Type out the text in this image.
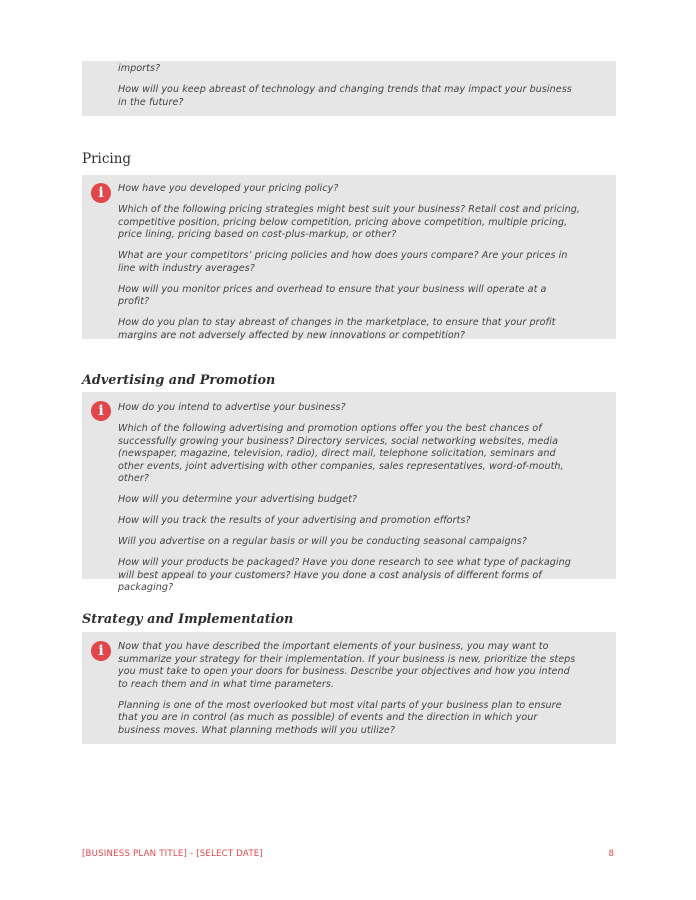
imports?

How will you keep abreast of technology and changing trends that may impact your business in the future?

Pricing
i	How have you developed your pricing policy?

Which of the following pricing strategies might best suit your business? Retail cost and pricing, competitive position, pricing below competition, pricing above competition, multiple pricing, price lining, pricing based on cost-plus-markup, or other?

What are your competitors’ pricing policies and how does yours compare? Are your prices in line with industry averages?

How will you monitor prices and overhead to ensure that your business will operate at a profit?

How do you plan to stay abreast of changes in the marketplace, to ensure that your profit margins are not adversely affected by new innovations or competition?

Advertising and Promotion
i	How do you intend to advertise your business?

Which of the following advertising and promotion options offer you the best chances of successfully growing your business? Directory services, social networking websites, media (newspaper, magazine, television, radio), direct mail, telephone solicitation, seminars and other events, joint advertising with other companies, sales representatives, word-of-mouth, other?

How will you determine your advertising budget?

How will you track the results of your advertising and promotion efforts?

Will you advertise on a regular basis or will you be conducting seasonal campaigns?

How will your products be packaged? Have you done research to see what type of packaging will best appeal to your customers? Have you done a cost analysis of different forms of packaging?

Strategy and Implementation
i	Now that you have described the important elements of your business, you may want to summarize your strategy for their implementation. If your business is new, prioritize the steps you must take to open your doors for business. Describe your objectives and how you intend to reach them and in what time parameters.

Planning is one of the most overlooked but most vital parts of your business plan to ensure that you are in control (as much as possible) of events and the direction in which your business moves. What planning methods will you utilize?

[BUSINESS PLAN TITLE] - [SELECT DATE]	8
